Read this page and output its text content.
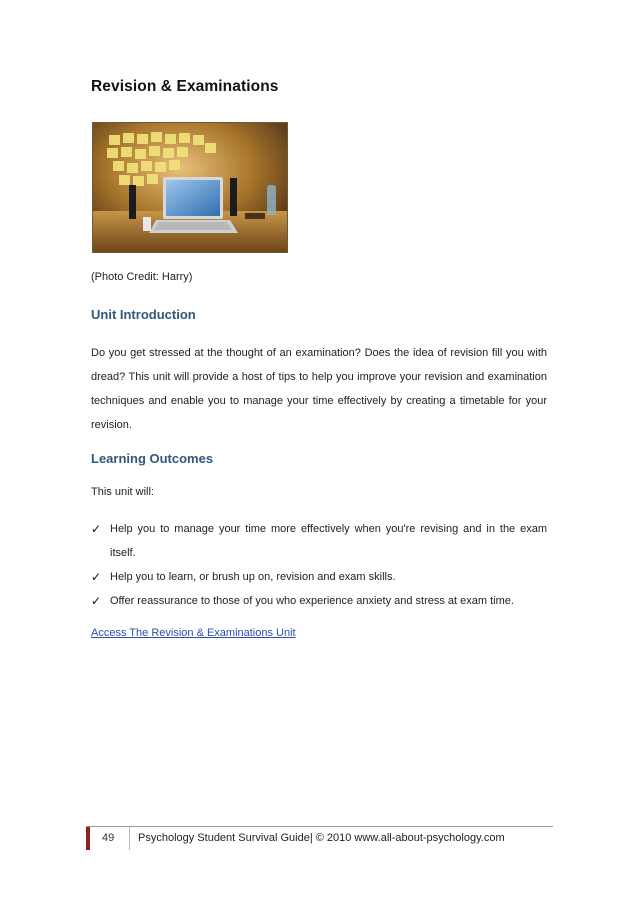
Revision & Examinations
(Photo Credit: Harry)
Unit Introduction
Do you get stressed at the thought of an examination? Does the idea of revision fill you with dread? This unit will provide a host of tips to help you improve your revision and examination techniques and enable you to manage your time effectively by creating a timetable for your revision.
Learning Outcomes
This unit will:
✓ Help you to manage your time more effectively when you're revising and in the exam itself.
✓ Help you to learn, or brush up on, revision and exam skills.
✓ Offer reassurance to those of you who experience anxiety and stress at exam time.
Access The Revision & Examinations Unit
49 Psychology Student Survival Guide| © 2010 www.all-about-psychology.com
